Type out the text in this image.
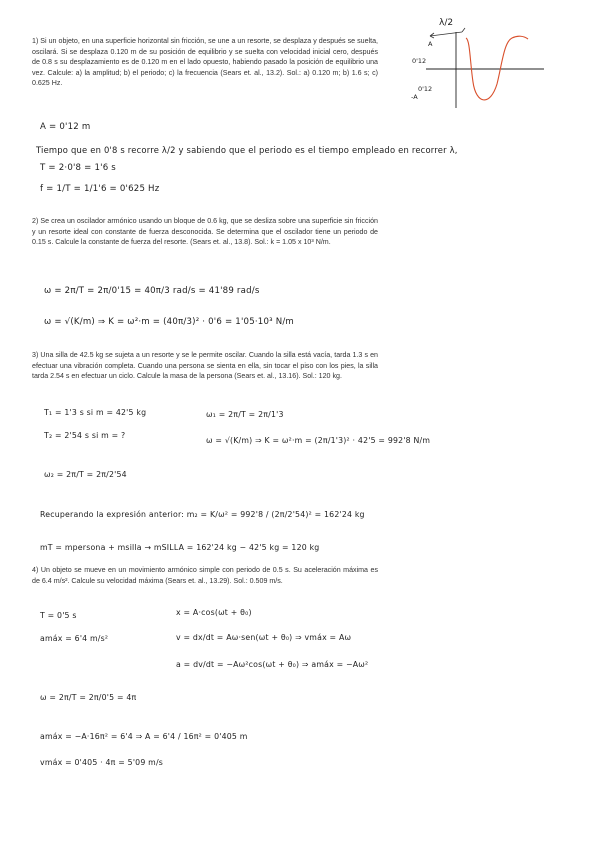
1) Si un objeto, en una superficie horizontal sin fricción, se une a un resorte, se desplaza y después se suelta, oscilará. Si se desplaza 0.120 m de su posición de equilibrio y se suelta con velocidad inicial cero, después de 0.8 s su desplazamiento es de 0.120 m en el lado opuesto, habiendo pasado la posición de equilibrio una vez. Calcule: a) la amplitud; b) el periodo; c) la frecuencia (Sears et. al., 13.2). Sol.: a) 0.120 m; b) 1.6 s; c) 0.625 Hz.

λ/2
A
0'12
0'12
-A

A = 0'12 m

Tiempo que en 0'8 s recorre λ/2 y sabiendo que el periodo es el tiempo empleado en recorrer λ,

T = 2·0'8 = 1'6 s

f = 1/T = 1/1'6 = 0'625 Hz

2) Se crea un oscilador armónico usando un bloque de 0.6 kg, que se desliza sobre una superficie sin fricción y un resorte ideal con constante de fuerza desconocida. Se determina que el oscilador tiene un periodo de 0.15 s. Calcule la constante de fuerza del resorte. (Sears et. al., 13.8). Sol.: k = 1.05 x 10³ N/m.

ω = 2π/T = 2π/0'15 = 40π/3 rad/s = 41'89 rad/s

ω = √(K/m) ⇒ K = ω²·m = (40π/3)² · 0'6 = 1'05·10³ N/m

3) Una silla de 42.5 kg se sujeta a un resorte y se le permite oscilar. Cuando la silla está vacía, tarda 1.3 s en efectuar una vibración completa. Cuando una persona se sienta en ella, sin tocar el piso con los pies, la silla tarda 2.54 s en efectuar un ciclo. Calcule la masa de la persona (Sears et. al., 13.16). Sol.: 120 kg.

T₁ = 1'3 s si m = 42'5 kg

T₂ = 2'54 s si m = ?

ω₁ = 2π/T = 2π/1'3

ω = √(K/m) ⇒ K = ω²·m = (2π/1'3)² · 42'5 = 992'8 N/m

ω₂ = 2π/T = 2π/2'54

Recuperando la expresión anterior: m₂ = K/ω² = 992'8 / (2π/2'54)² = 162'24 kg

mT = mpersona + msilla → mSILLA = 162'24 kg − 42'5 kg = 120 kg

4) Un objeto se mueve en un movimiento armónico simple con periodo de 0.5 s. Su aceleración máxima es de 6.4 m/s². Calcule su velocidad máxima (Sears et. al., 13.29). Sol.: 0.509 m/s.

T = 0'5 s

amáx = 6'4 m/s²

x = A·cos(ωt + θ₀)

v = dx/dt = Aω·sen(ωt + θ₀) ⇒ vmáx = Aω

a = dv/dt = −Aω²cos(ωt + θ₀) ⇒ amáx = −Aω²

ω = 2π/T = 2π/0'5 = 4π

amáx = −A·16π² = 6'4 ⇒ A = 6'4 / 16π² = 0'405 m

vmáx = 0'405 · 4π = 5'09 m/s
